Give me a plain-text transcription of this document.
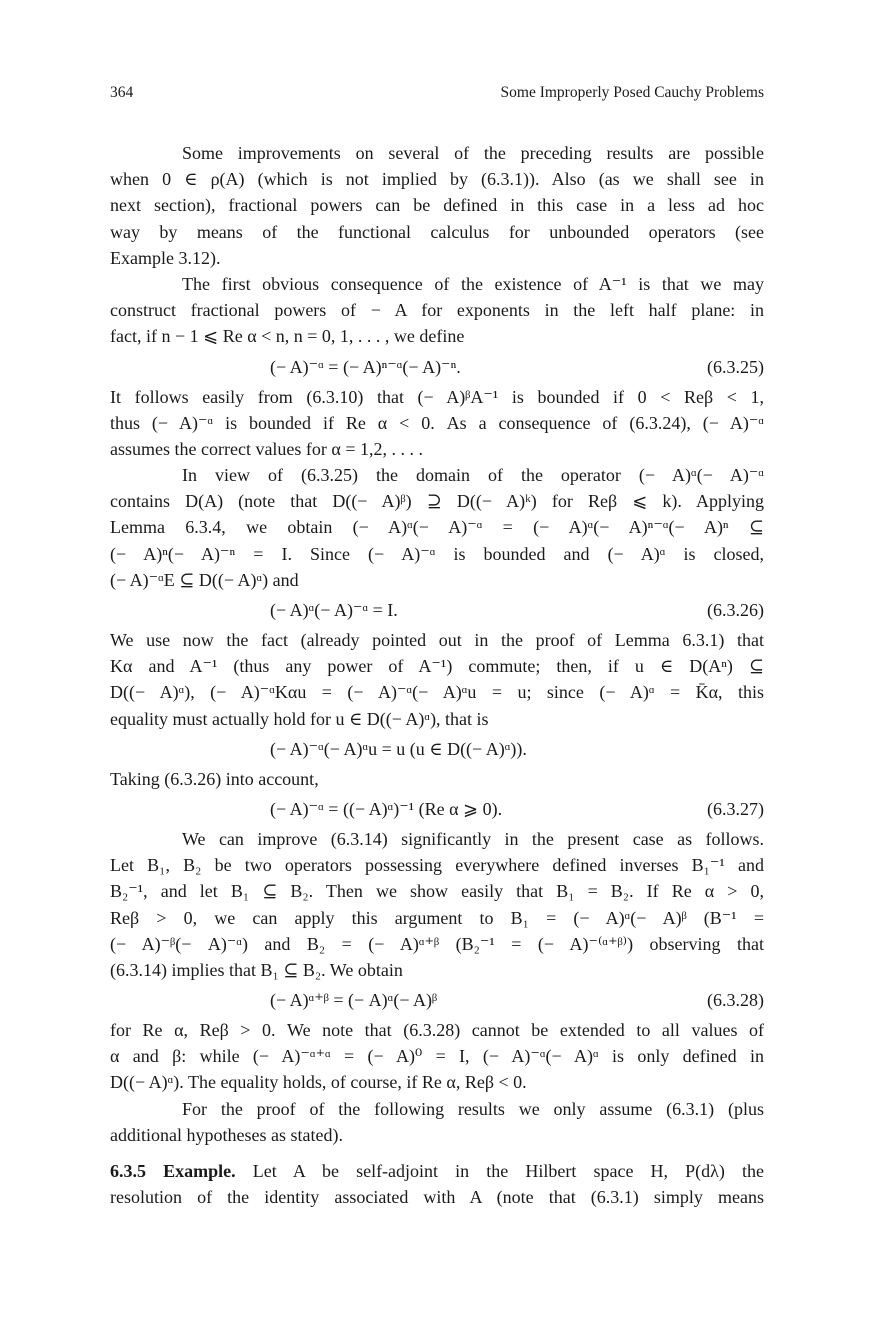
364	Some Improperly Posed Cauchy Problems
Some improvements on several of the preceding results are possible
when 0 ∈ ρ(A) (which is not implied by (6.3.1)). Also (as we shall see in
next section), fractional powers can be defined in this case in a less ad hoc
way by means of the functional calculus for unbounded operators (see
Example 3.12).
The first obvious consequence of the existence of A⁻¹ is that we may
construct fractional powers of − A for exponents in the left half plane: in
fact, if n − 1 ⩽ Re α < n, n = 0, 1, . . . , we define
(− A)⁻ᵅ = (− A)ⁿ⁻ᵅ(− A)⁻ⁿ.	(6.3.25)
It follows easily from (6.3.10) that (− A)ᵝA⁻¹ is bounded if 0 < Reβ < 1,
thus (− A)⁻ᵅ is bounded if Re α < 0. As a consequence of (6.3.24), (− A)⁻ᵅ
assumes the correct values for α = 1,2, . . . .
In view of (6.3.25) the domain of the operator (− A)ᵅ(− A)⁻ᵅ
contains D(A) (note that D((− A)ᵝ) ⊇ D((− A)ᵏ) for Reβ ⩽ k). Applying
Lemma 6.3.4, we obtain (− A)ᵅ(− A)⁻ᵅ = (− A)ᵅ(− A)ⁿ⁻ᵅ(− A)ⁿ ⊆
(− A)ⁿ(− A)⁻ⁿ = I. Since (− A)⁻ᵅ is bounded and (− A)ᵅ is closed,
(− A)⁻ᵅE ⊆ D((− A)ᵅ) and
(− A)ᵅ(− A)⁻ᵅ = I.	(6.3.26)
We use now the fact (already pointed out in the proof of Lemma 6.3.1) that
Kα and A⁻¹ (thus any power of A⁻¹) commute; then, if u ∈ D(Aⁿ) ⊆
D((− A)ᵅ), (− A)⁻ᵅKαu = (− A)⁻ᵅ(− A)ᵅu = u; since (− A)ᵅ = K̄α, this
equality must actually hold for u ∈ D((− A)ᵅ), that is
(− A)⁻ᵅ(− A)ᵅu = u (u ∈ D((− A)ᵅ)).
Taking (6.3.26) into account,
(− A)⁻ᵅ = ((− A)ᵅ)⁻¹ (Re α ⩾ 0).	(6.3.27)
We can improve (6.3.14) significantly in the present case as follows.
Let B₁, B₂ be two operators possessing everywhere defined inverses B₁⁻¹ and
B₂⁻¹, and let B₁ ⊆ B₂. Then we show easily that B₁ = B₂. If Re α > 0,
Reβ > 0, we can apply this argument to B₁ = (− A)ᵅ(− A)ᵝ (B⁻¹ =
(− A)⁻ᵝ(− A)⁻ᵅ) and B₂ = (− A)ᵅ⁺ᵝ (B₂⁻¹ = (− A)⁻⁽ᵅ⁺ᵝ⁾) observing that
(6.3.14) implies that B₁ ⊆ B₂. We obtain
(− A)ᵅ⁺ᵝ = (− A)ᵅ(− A)ᵝ	(6.3.28)
for Re α, Reβ > 0. We note that (6.3.28) cannot be extended to all values of
α and β: while (− A)⁻ᵅ⁺ᵅ = (− A)⁰ = I, (− A)⁻ᵅ(− A)ᵅ is only defined in
D((− A)ᵅ). The equality holds, of course, if Re α, Reβ < 0.
For the proof of the following results we only assume (6.3.1) (plus
additional hypotheses as stated).
6.3.5 Example. Let A be self-adjoint in the Hilbert space H, P(dλ) the
resolution of the identity associated with A (note that (6.3.1) simply means
